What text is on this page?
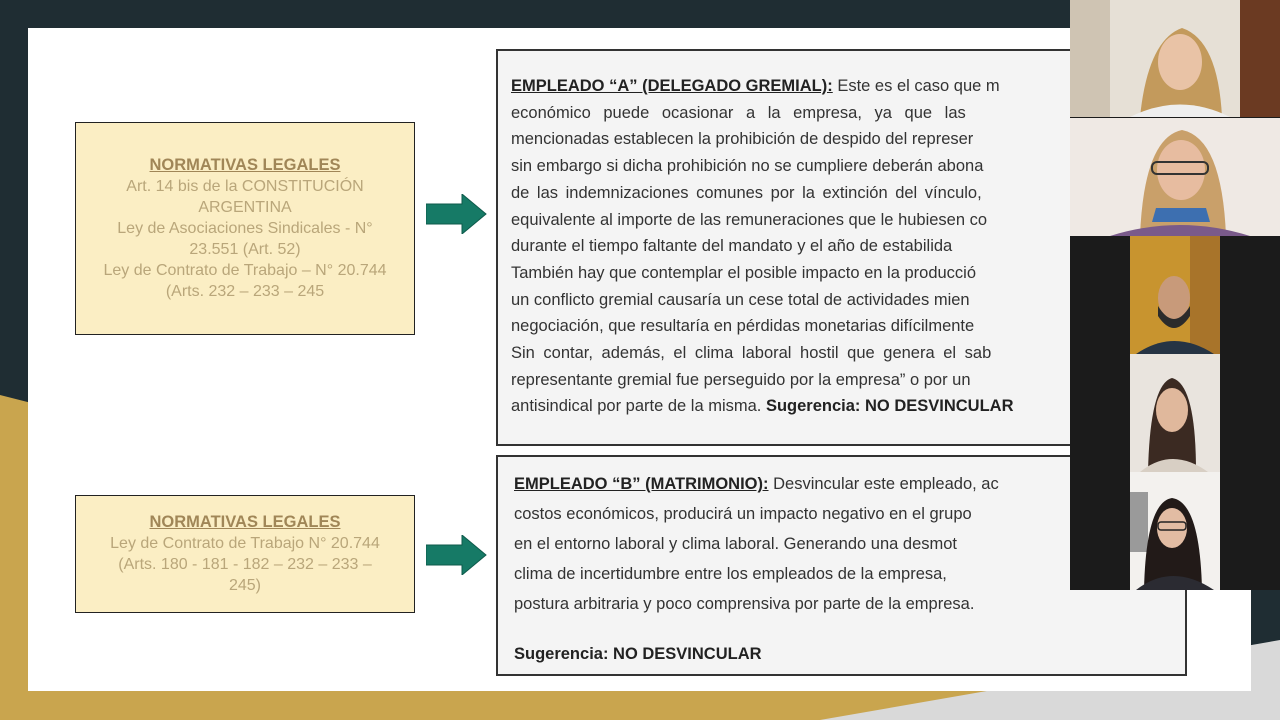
NORMATIVAS LEGALES
Art. 14 bis de la CONSTITUCIÓN
ARGENTINA
Ley de Asociaciones Sindicales - N°
23.551 (Art. 52)
Ley de Contrato de Trabajo – N° 20.744
(Arts. 232 – 233 – 245
NORMATIVAS LEGALES
Ley de Contrato de Trabajo N° 20.744
(Arts. 180 - 181 - 182 – 232 – 233 –
245)
EMPLEADO “A” (DELEGADO GREMIAL): Este es el caso que m
económico puede ocasionar a la empresa, ya que las
mencionadas establecen la prohibición de despido del represer
sin embargo si dicha prohibición no se cumpliere deberán abona
de las indemnizaciones comunes por la extinción del vínculo,
equivalente al importe de las remuneraciones que le hubiesen co
durante el tiempo faltante del mandato y el año de estabilida
También hay que contemplar el posible impacto en la producció
un conflicto gremial causaría un cese total de actividades mien
negociación, que resultaría en pérdidas monetarias difícilmente
Sin contar, además, el clima laboral hostil que genera el sab
representante gremial fue perseguido por la empresa” o por un
antisindical por parte de la misma. Sugerencia: NO DESVINCULAR
EMPLEADO “B” (MATRIMONIO): Desvincular este empleado, ac
costos económicos, producirá un impacto negativo en el grupo
en el entorno laboral y clima laboral. Generando una desmot
clima de incertidumbre entre los empleados de la empresa,
postura arbitraria y poco comprensiva por parte de la empresa.
Sugerencia: NO DESVINCULAR
